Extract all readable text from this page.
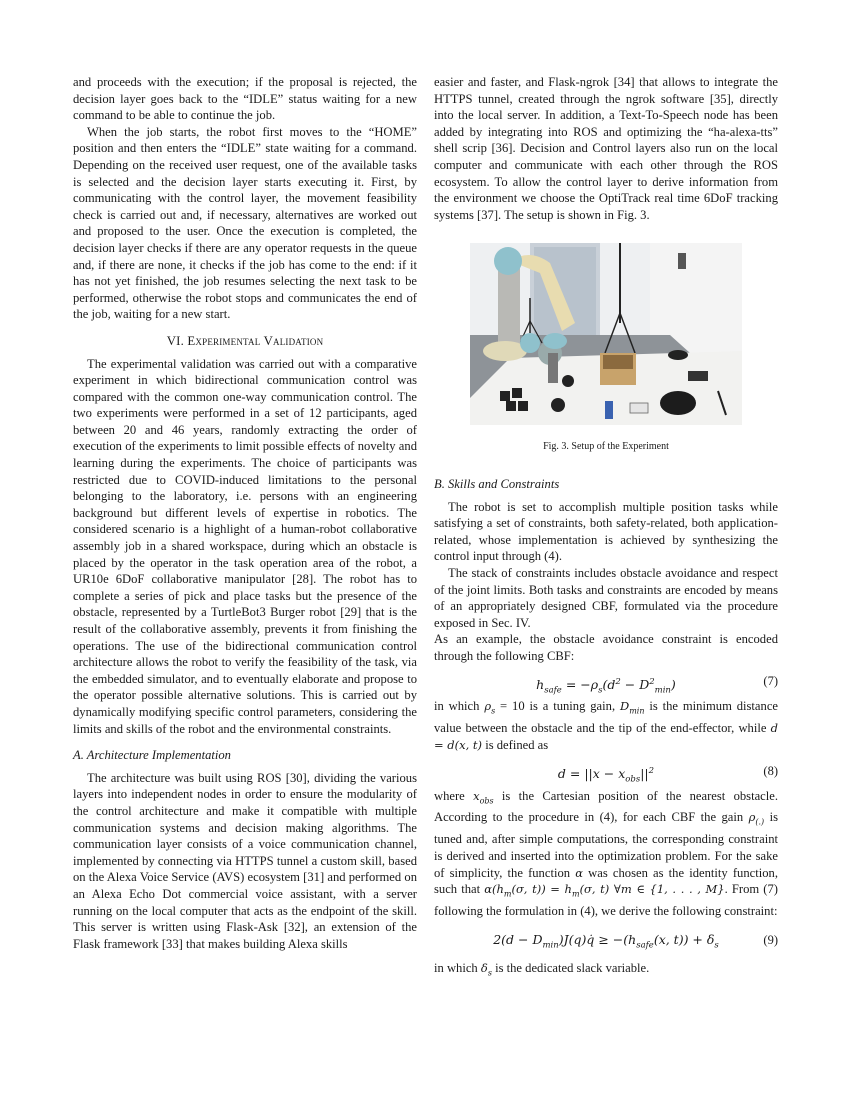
and proceeds with the execution; if the proposal is rejected, the decision layer goes back to the “IDLE” status waiting for a new command to be able to continue the job.

When the job starts, the robot first moves to the “HOME” position and then enters the “IDLE” state waiting for a command. Depending on the received user request, one of the available tasks is selected and the decision layer starts executing it. First, by communicating with the control layer, the movement feasibility check is carried out and, if necessary, alternatives are worked out and proposed to the user. Once the execution is completed, the decision layer checks if there are any operator requests in the queue and, if there are none, it checks if the job has come to the end: if it has not yet finished, the job resumes selecting the next task to be performed, otherwise the robot stops and communicates the end of the job, waiting for a new start.

VI. Experimental Validation

The experimental validation was carried out with a comparative experiment in which bidirectional communication control was compared with the common one-way communication control. The two experiments were performed in a set of 12 participants, aged between 20 and 46 years, randomly extracting the order of execution of the experiments to limit possible effects of novelty and learning during the experiments. The choice of participants was restricted due to COVID-induced limitations to the personal belonging to the laboratory, i.e. persons with an engineering background but different levels of expertise in robotics. The considered scenario is a highlight of a human-robot collaborative assembly job in a shared workspace, during which an obstacle is placed by the operator in the task operation area of the robot, a UR10e 6DoF collaborative manipulator [28]. The robot has to complete a series of pick and place tasks but the presence of the obstacle, represented by a TurtleBot3 Burger robot [29] that is the result of the collaborative assembly, prevents it from finishing the operations. The use of the bidirectional communication control architecture allows the robot to verify the feasibility of the task, via the embedded simulator, and to eventually elaborate and propose to the operator possible alternative solutions. This is carried out by dynamically modifying specific control parameters, considering the limits and skills of the robot and the environmental constraints.

A. Architecture Implementation

The architecture was built using ROS [30], dividing the various layers into independent nodes in order to ensure the modularity of the control architecture and make it compatible with multiple communication systems and decision making algorithms. The communication layer consists of a voice communication channel, implemented by connecting via HTTPS tunnel a custom skill, based on the Alexa Voice Service (AVS) ecosystem [31] and performed on an Alexa Echo Dot commercial voice assistant, with a server running on the local computer that acts as the endpoint of the skill. This server is written using Flask-Ask [32], an extension of the Flask framework [33] that makes building Alexa skills

easier and faster, and Flask-ngrok [34] that allows to integrate the HTTPS tunnel, created through the ngrok software [35], directly into the local server. In addition, a Text-To-Speech node has been added by integrating into ROS and optimizing the “ha-alexa-tts” shell scrip [36]. Decision and Control layers also run on the local computer and communicate with each other through the ROS ecosystem. To allow the control layer to derive information from the environment we choose the OptiTrack real time 6DoF tracking systems [37]. The setup is shown in Fig. 3.

Fig. 3. Setup of the Experiment
B. Skills and Constraints

The robot is set to accomplish multiple position tasks while satisfying a set of constraints, both safety-related, both application-related, whose implementation is achieved by synthesizing the control input through (4).

The stack of constraints includes obstacle avoidance and respect of the joint limits. Both tasks and constraints are encoded by means of an appropriately designed CBF, formulated via the procedure exposed in Sec. IV.

As an example, the obstacle avoidance constraint is encoded through the following CBF:

$h_{safe} = -\rho_s(d^2 - D^2_{min})$	(7)

in which $\rho_s = 10$ is a tuning gain, $D_{min}$ is the minimum distance value between the obstacle and the tip of the end-effector, while d = d(x, t) is defined as

$d = ||x - x_{obs}||^2$	(8)

where $x_{obs}$ is the Cartesian position of the nearest obstacle. According to the procedure in (4), for each CBF the gain $\rho_{(.)}$ is tuned and, after simple computations, the corresponding constraint is derived and inserted into the optimization problem. For the sake of simplicity, the function α was chosen as the identity function, such that $\alpha(h_m(\sigma$, $t)) = h_m(\sigma$, t) ∀m ∈ {1, . . . , M}. From (7) following the formulation in (4), we derive the following constraint:

$2(d - D_{min})J(q)q̇ \ge -(h_{safe}(x$, $t)) + \delta_s$	(9)

in which $\delta_s$ is the dedicated slack variable.
